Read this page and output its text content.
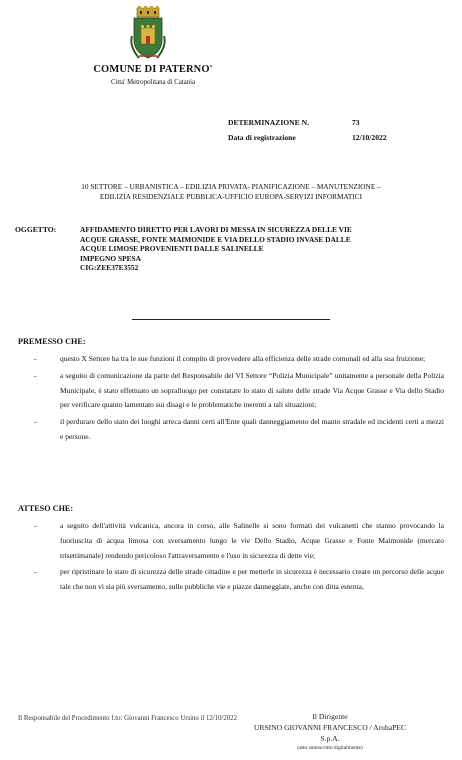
COMUNE DI PATERNO'
Citta' Metropolitana di Catania
DETERMINAZIONE N.	73
Data di registrazione	12/10/2022
10 SETTORE – URBANISTICA – EDILIZIA PRIVATA- PIANIFICAZIONE – MANUTENZIONE –
EDILIZIA RESIDENZIALE PUBBLICA-UFFICIO EUROPA-SERVIZI INFORMATICI
OGGETTO:	AFFIDAMENTO DIRETTO PER LAVORI DI MESSA IN SICUREZZA DELLE VIE
ACQUE GRASSE, FONTE MAIMONIDE E VIA DELLO STADIO INVASE DALLE
ACQUE LIMOSE PROVENIENTI DALLE SALINELLE
IMPEGNO SPESA
CIG:ZEE37E3552
PREMESSO CHE:
-	questo X Settore ha tra le sue funzioni il compito di provvedere alla efficienza delle strade comunali ed alla sua fruizione;
-	a seguito di comunicazione da parte del Responsabile del VI Settore “Polizia Municipale” unitamente a personale della Polizia Municipale, è stato effettuato un sopralluogo per constatare lo stato di salute delle strade Via Acque Grasse e Via dello Stadio per verificare quanto lamentato sui disagi e le problematiche inerenti a tali situazioni;
-	il perdurare dello stato dei luoghi arreca danni certi all'Ente quali danneggiamento del manto stradale ed incidenti certi a mezzi e persone.
ATTESO CHE:
-	a seguito dell'attività vulcanica, ancora in corso, alle Salinelle si sono formati dei vulcanetti che stanno provocando la fuoriuscita di acqua limosa con sversamento lungo le vie Dello Stadio, Acque Grasse e Fonte Maimonide (mercato trisettimanale) rendendo pericoloso l'attraversamento e l'uso in sicurezza di dette vie;
-	per ripristinare lo stato di sicurezza delle strade cittadine e per metterle in sicurezza è necessario creare un percorso delle acque tale che non vi sia più sversamento, sulle pubbliche vie e piazze danneggiate, anche con ditta esterna,
Il Responsabile del Procedimento f.to: Giovanni Francesco Ursino il 12/10/2022	Il Dirigente
URSINO GIOVANNI FRANCESCO / ArubaPEC
S.p.A.
(atto sottoscritto digitalmente)
